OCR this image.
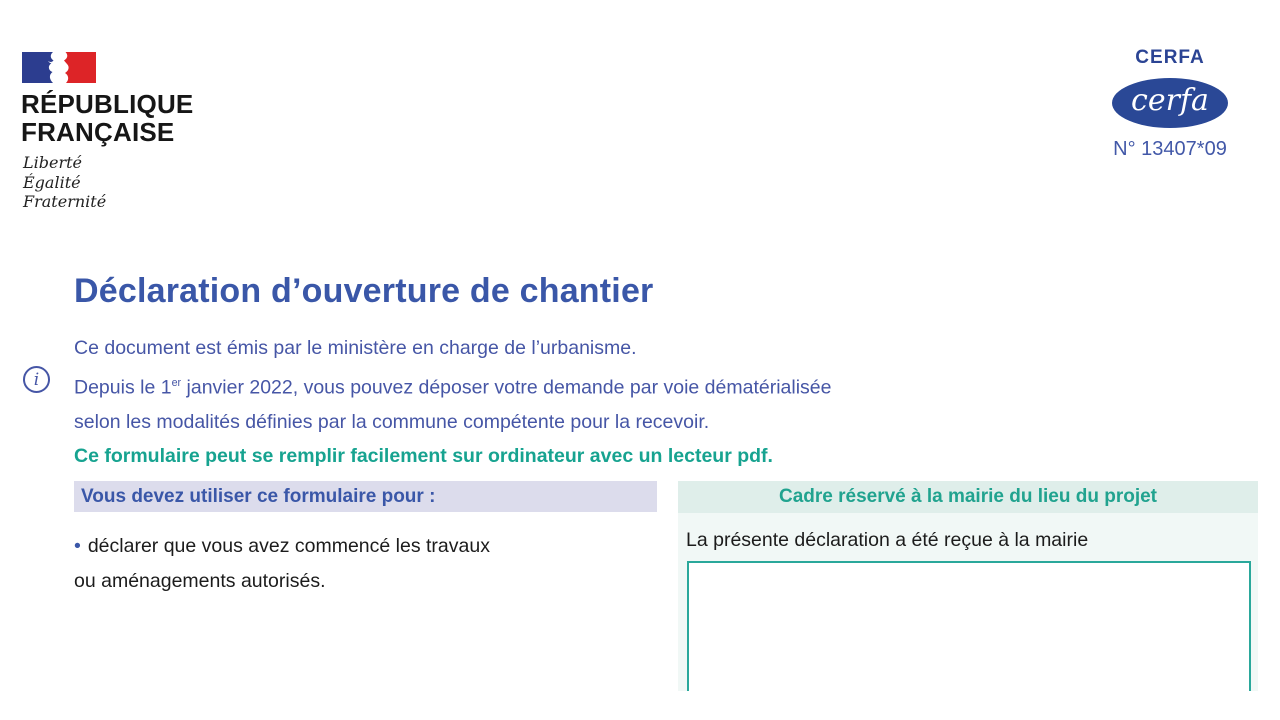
RÉPUBLIQUE
FRANÇAISE
Liberté
Égalité
Fraternité
CERFA
cerfa
N° 13407*09
Déclaration d’ouverture de chantier
i
Ce document est émis par le ministère en charge de l’urbanisme.
Depuis le 1er janvier 2022, vous pouvez déposer votre demande par voie dématérialisée
selon les modalités définies par la commune compétente pour la recevoir.
Ce formulaire peut se remplir facilement sur ordinateur avec un lecteur pdf.
Vous devez utiliser ce formulaire pour :
• déclarer que vous avez commencé les travaux
ou aménagements autorisés.
Cadre réservé à la mairie du lieu du projet
La présente déclaration a été reçue à la mairie
